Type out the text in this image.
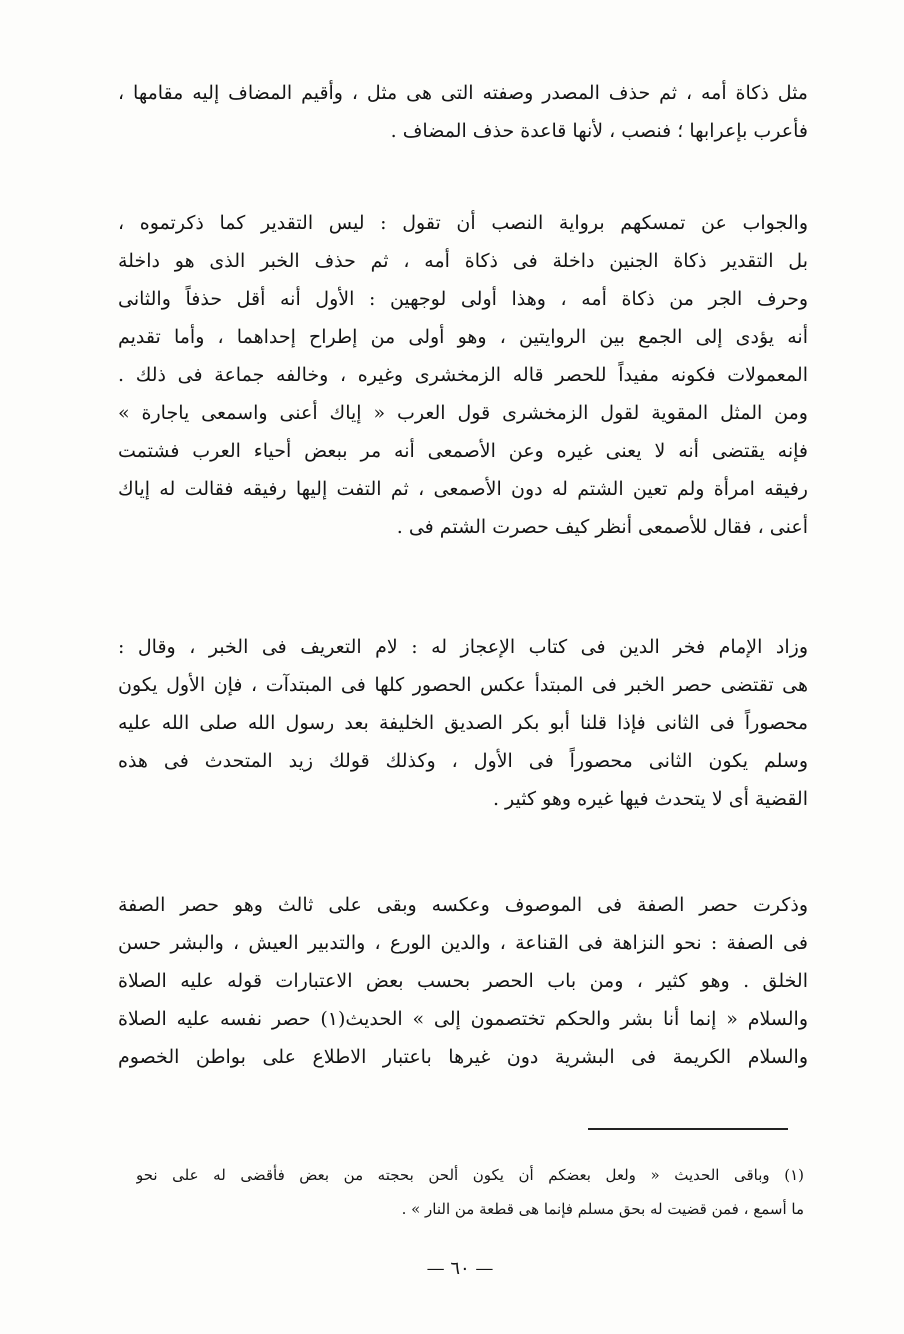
مثل ذكاة أمه ، ثم حذف المصدر وصفته التى هى مثل ، وأقيم المضاف إليه مقامها ،
فأعرب بإعرابها ؛ فنصب ، لأنها قاعدة حذف المضاف .
والجواب عن تمسكهم برواية النصب أن تقول : ليس التقدير كما ذكرتموه ،
بل التقدير ذكاة الجنين داخلة فى ذكاة أمه ، ثم حذف الخبر الذى هو داخلة
وحرف الجر من ذكاة أمه ، وهذا أولى لوجهين : الأول أنه أقل حذفاً والثانى
أنه يؤدى إلى الجمع بين الروايتين ، وهو أولى من إطراح إحداهما ، وأما تقديم
المعمولات فكونه مفيداً للحصر قاله الزمخشرى وغيره ، وخالفه جماعة فى ذلك .
ومن المثل المقوية لقول الزمخشرى قول العرب « إياك أعنى واسمعى ياجارة »
فإنه يقتضى أنه لا يعنى غيره وعن الأصمعى أنه مر ببعض أحياء العرب فشتمت
رفيقه امرأة ولم تعين الشتم له دون الأصمعى ، ثم التفت إليها رفيقه فقالت له إياك
أعنى ، فقال للأصمعى أنظر كيف حصرت الشتم فى .
وزاد الإمام فخر الدين فى كتاب الإعجاز له : لام التعريف فى الخبر ، وقال :
هى تقتضى حصر الخبر فى المبتدأ عكس الحصور كلها فى المبتدآت ، فإن الأول يكون
محصوراً فى الثانى فإذا قلنا أبو بكر الصديق الخليفة بعد رسول الله صلى الله عليه
وسلم يكون الثانى محصوراً فى الأول ، وكذلك قولك زيد المتحدث فى هذه
القضية أى لا يتحدث فيها غيره وهو كثير .
وذكرت حصر الصفة فى الموصوف وعكسه وبقى على ثالث وهو حصر الصفة
فى الصفة : نحو النزاهة فى القناعة ، والدين الورع ، والتدبير العيش ، والبشر حسن
الخلق . وهو كثير ، ومن باب الحصر بحسب بعض الاعتبارات قوله عليه الصلاة
والسلام « إنما أنا بشر والحكم تختصمون إلى » الحديث(١) حصر نفسه عليه الصلاة
والسلام الكريمة فى البشرية دون غيرها باعتبار الاطلاع على بواطن الخصوم
(١) وباقى الحديث « ولعل بعضكم أن يكون ألحن بحجته من بعض فأقضى له على نحو
ما أسمع ، فمن قضيت له بحق مسلم فإنما هى قطعة من النار » .
— ٦٠ —
